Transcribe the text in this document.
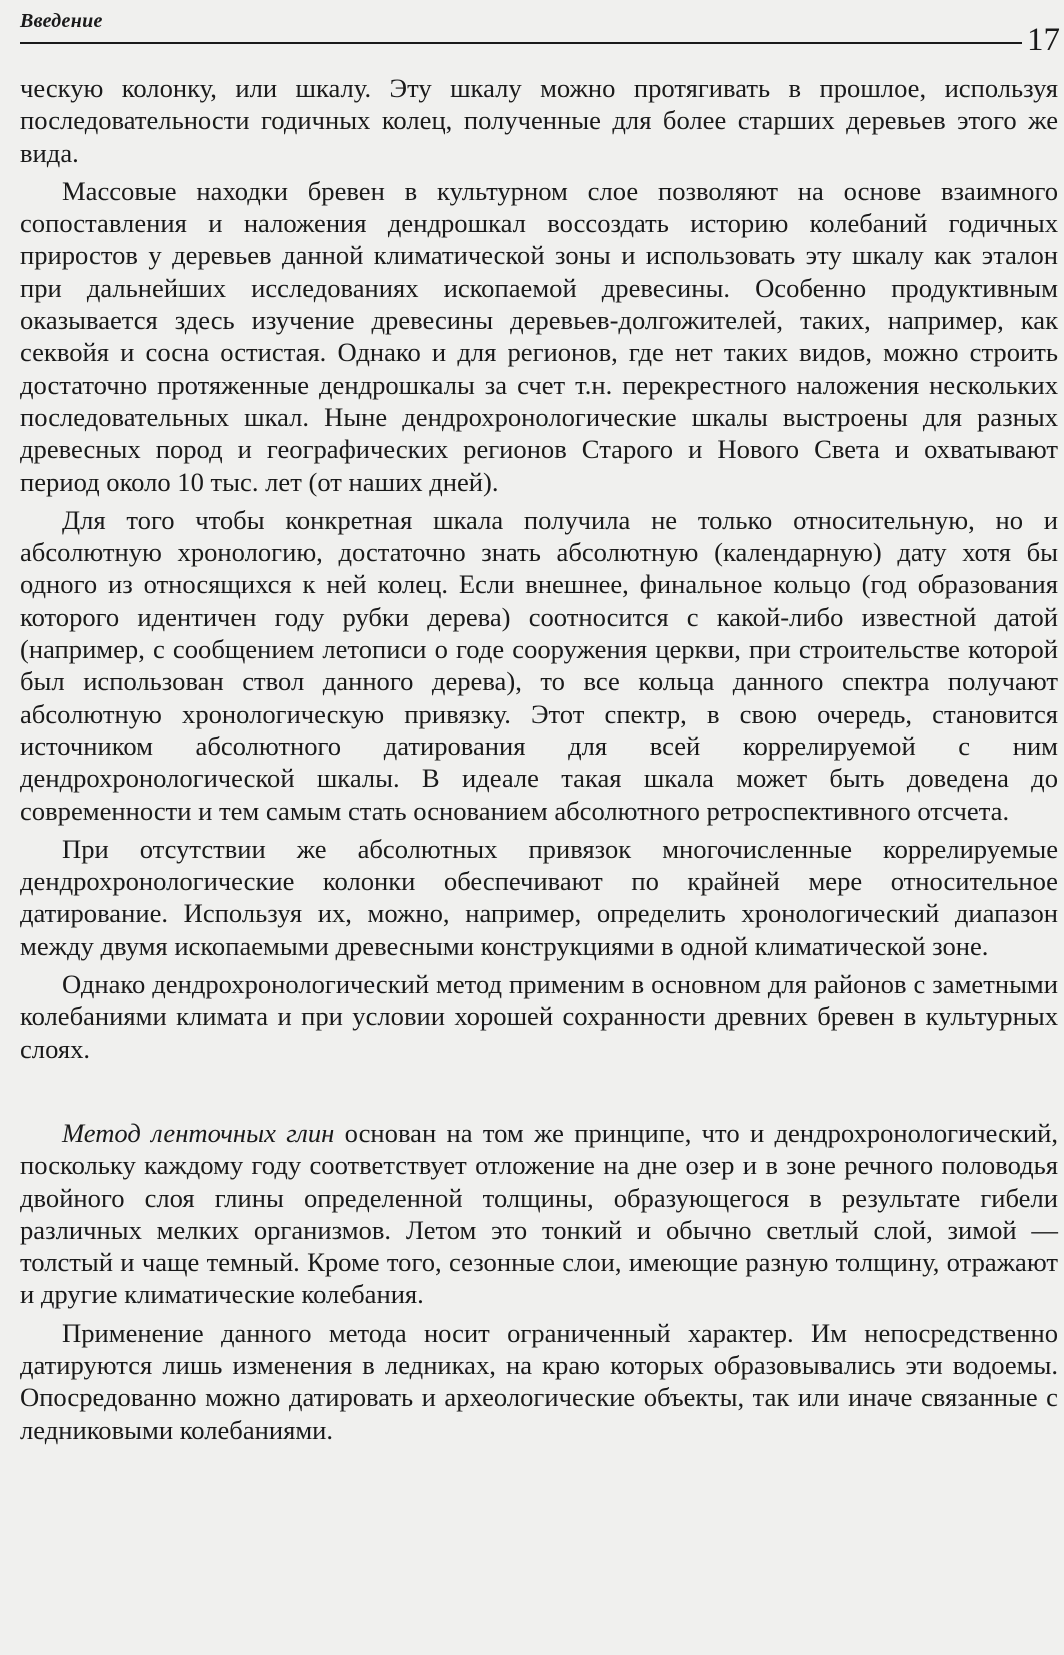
Введение
17

ческую колонку, или шкалу. Эту шкалу можно протягивать в прошлое, используя последовательности годичных колец, полученные для более старших деревьев этого же вида.

Массовые находки бревен в культурном слое позволяют на основе взаимного сопоставления и наложения дендрошкал воссоздать историю колебаний годичных приростов у деревьев данной климатической зоны и использовать эту шкалу как эталон при дальнейших исследованиях ископаемой древесины. Особенно продуктивным оказывается здесь изучение древесины деревьев-долгожителей, таких, например, как секвойя и сосна остистая. Однако и для регионов, где нет таких видов, можно строить достаточно протяженные дендрошкалы за счет т.н. перекрестного наложения нескольких последовательных шкал. Ныне дендрохронологические шкалы выстроены для разных древесных пород и географических регионов Старого и Нового Света и охватывают период около 10 тыс. лет (от наших дней).

Для того чтобы конкретная шкала получила не только относительную, но и абсолютную хронологию, достаточно знать абсолютную (календарную) дату хотя бы одного из относящихся к ней колец. Если внешнее, финальное кольцо (год образования которого идентичен году рубки дерева) соотносится с какой-либо известной датой (например, с сообщением летописи о годе сооружения церкви, при строительстве которой был использован ствол данного дерева), то все кольца данного спектра получают абсолютную хронологическую привязку. Этот спектр, в свою очередь, становится источником абсолютного датирования для всей коррелируемой с ним дендрохронологической шкалы. В идеале такая шкала может быть доведена до современности и тем самым стать основанием абсолютного ретроспективного отсчета.

При отсутствии же абсолютных привязок многочисленные коррелируемые дендрохронологические колонки обеспечивают по крайней мере относительное датирование. Используя их, можно, например, определить хронологический диапазон между двумя ископаемыми древесными конструкциями в одной климатической зоне.

Однако дендрохронологический метод применим в основном для районов с заметными колебаниями климата и при условии хорошей сохранности древних бревен в культурных слоях.

Метод ленточных глин основан на том же принципе, что и дендрохронологический, поскольку каждому году соответствует отложение на дне озер и в зоне речного половодья двойного слоя глины определенной толщины, образующегося в результате гибели различных мелких организмов. Летом это тонкий и обычно светлый слой, зимой — толстый и чаще темный. Кроме того, сезонные слои, имеющие разную толщину, отражают и другие климатические колебания.

Применение данного метода носит ограниченный характер. Им непосредственно датируются лишь изменения в ледниках, на краю которых образовывались эти водоемы. Опосредованно можно датировать и археологические объекты, так или иначе связанные с ледниковыми колебаниями.
